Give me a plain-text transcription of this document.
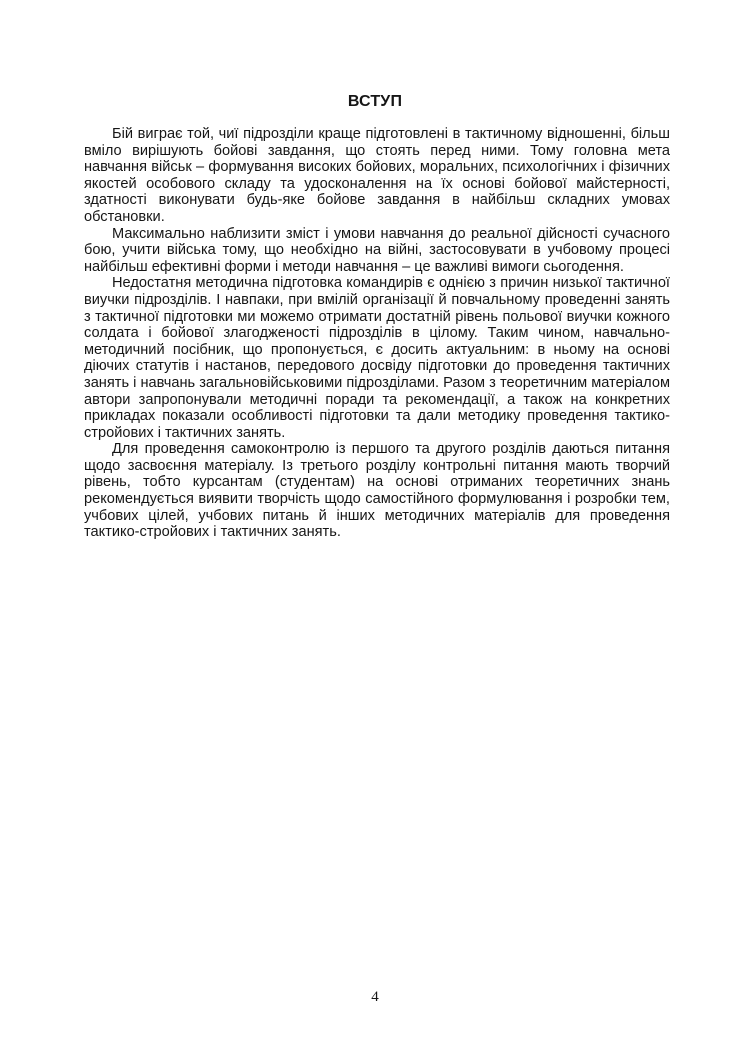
ВСТУП

Бій виграє той, чиї підрозділи краще підготовлені в тактичному відношенні, більш вміло вирішують бойові завдання, що стоять перед ними. Тому головна мета навчання військ – формування високих бойових, моральних, психологічних і фізичних якостей особового складу та удосконалення на їх основі бойової майстерності, здатності виконувати будь-яке бойове завдання в найбільш складних умовах обстановки.

Максимально наблизити зміст і умови навчання до реальної дійсності сучасного бою, учити війська тому, що необхідно на війні, застосовувати в учбовому процесі найбільш ефективні форми і методи навчання – це важливі вимоги сьогодення.

Недостатня методична підготовка командирів є однією з причин низької тактичної виучки підрозділів. І навпаки, при вмілій організації й повчальному проведенні занять з тактичної підготовки ми можемо отримати достатній рівень польової виучки кожного солдата і бойової злагодженості підрозділів в цілому. Таким чином, навчально-методичний посібник, що пропонується, є досить актуальним: в ньому на основі діючих статутів і настанов, передового досвіду підготовки до проведення тактичних занять і навчань загальновійськовими підрозділами. Разом з теоретичним матеріалом автори запропонували методичні поради та рекомендації, а також на конкретних прикладах показали особливості підготовки та дали методику проведення тактико-стройових і тактичних занять.

Для проведення самоконтролю із першого та другого розділів даються питання щодо засвоєння матеріалу. Із третього розділу контрольні питання мають творчий рівень, тобто курсантам (студентам) на основі отриманих теоретичних знань рекомендується виявити творчість щодо самостійного формулювання і розробки тем, учбових цілей, учбових питань й інших методичних матеріалів для проведення тактико-стройових і тактичних занять.

4
